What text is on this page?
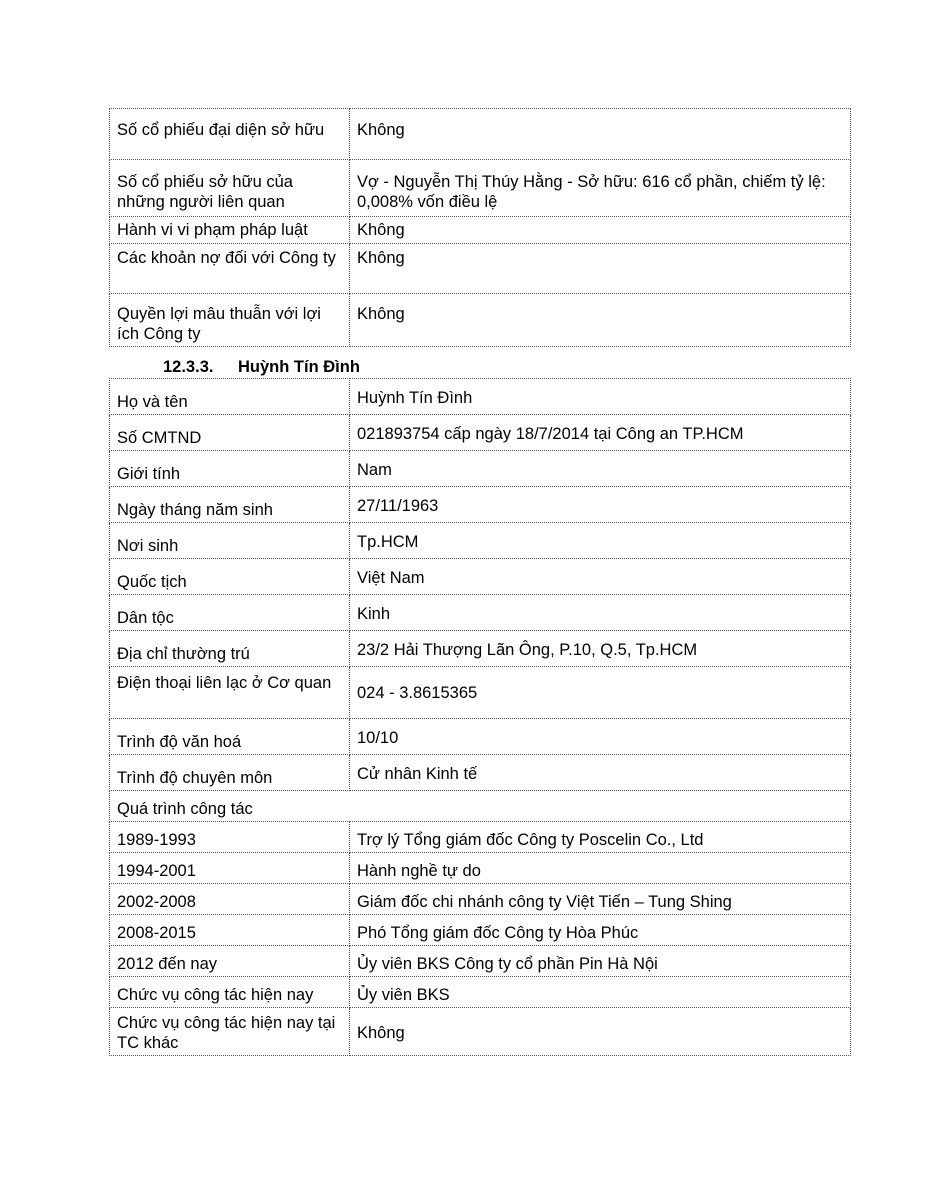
Số cổ phiếu đại diện sở hữu	Không
Số cổ phiếu sở hữu của những người liên quan	Vợ - Nguyễn Thị Thúy Hằng - Sở hữu: 616 cổ phần, chiếm tỷ lệ: 0,008% vốn điều lệ
Hành vi vi phạm pháp luật	Không
Các khoản nợ đối với Công ty	Không
Quyền lợi mâu thuẫn với lợi ích Công ty	Không
12.3.3. Huỳnh Tín Đình
Họ và tên	Huỳnh Tín Đình
Số CMTND	021893754 cấp ngày 18/7/2014 tại Công an TP.HCM
Giới tính	Nam
Ngày tháng năm sinh	27/11/1963
Nơi sinh	Tp.HCM
Quốc tịch	Việt Nam
Dân tộc	Kinh
Địa chỉ thường trú	23/2 Hải Thượng Lãn Ông, P.10, Q.5, Tp.HCM
Điện thoại liên lạc ở Cơ quan	024 - 3.8615365
Trình độ văn hoá	10/10
Trình độ chuyên môn	Cử nhân Kinh tế
Quá trình công tác	
1989-1993	Trợ lý Tổng giám đốc Công ty Poscelin Co., Ltd
1994-2001	Hành nghề tự do
2002-2008	Giám đốc chi nhánh công ty Việt Tiến – Tung Shing
2008-2015	Phó Tổng giám đốc Công ty Hòa Phúc
2012 đến nay	Ủy viên BKS Công ty cổ phần Pin Hà Nội
Chức vụ công tác hiện nay	Ủy viên BKS
Chức vụ công tác hiện nay tại TC khác	Không
